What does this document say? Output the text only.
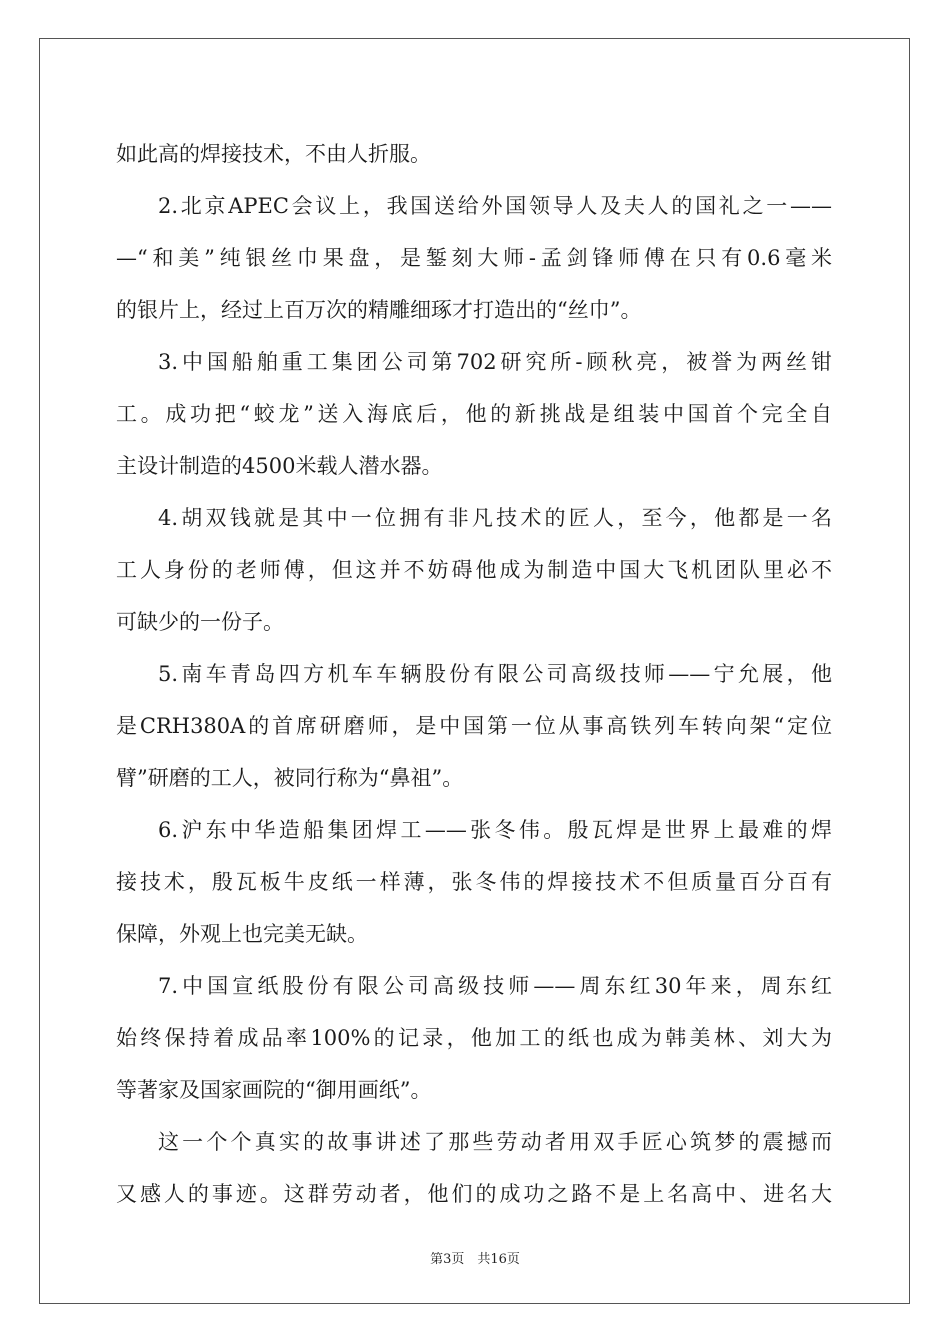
如此高的焊接技术，不由人折服。
2.北京APEC会议上，我国送给外国领导人及夫人的国礼之一——
—“和美”纯银丝巾果盘，是錾刻大师-孟剑锋师傅在只有0.6毫米
的银片上，经过上百万次的精雕细琢才打造出的“丝巾”。
3.中国船舶重工集团公司第702研究所-顾秋亮，被誉为两丝钳
工。成功把“蛟龙”送入海底后，他的新挑战是组装中国首个完全自
主设计制造的4500米载人潜水器。
4.胡双钱就是其中一位拥有非凡技术的匠人，至今，他都是一名
工人身份的老师傅，但这并不妨碍他成为制造中国大飞机团队里必不
可缺少的一份子。
5.南车青岛四方机车车辆股份有限公司高级技师——宁允展，他
是CRH380A的首席研磨师，是中国第一位从事高铁列车转向架“定位
臂”研磨的工人，被同行称为“鼻祖”。
6.沪东中华造船集团焊工——张冬伟。殷瓦焊是世界上最难的焊
接技术，殷瓦板牛皮纸一样薄，张冬伟的焊接技术不但质量百分百有
保障，外观上也完美无缺。
7.中国宣纸股份有限公司高级技师——周东红30年来，周东红
始终保持着成品率100%的记录，他加工的纸也成为韩美林、刘大为
等著家及国家画院的“御用画纸”。
这一个个真实的故事讲述了那些劳动者用双手匠心筑梦的震撼而
又感人的事迹。这群劳动者，他们的成功之路不是上名高中、进名大
第3页　共16页
